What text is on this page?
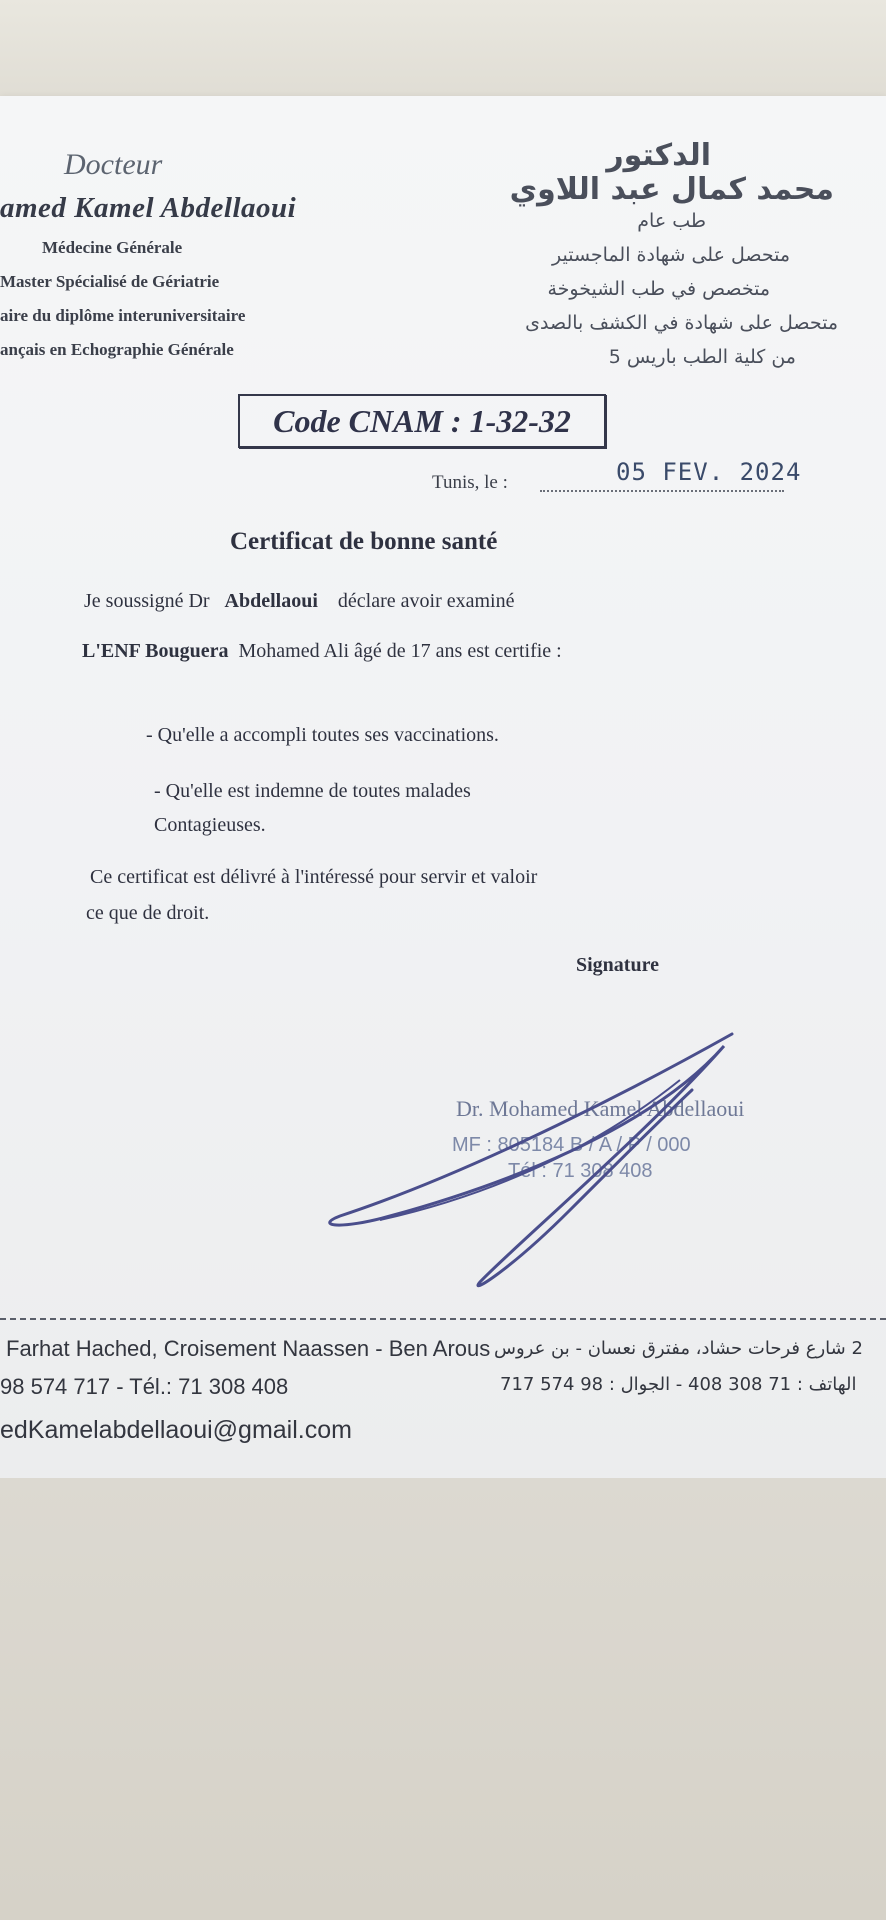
Docteur
amed Kamel Abdellaoui
Médecine Générale
Master Spécialisé de Gériatrie
aire du diplôme interuniversitaire
ançais en Echographie Générale
الدكتور
محمد كمال عبد اللاوي
طب عام
متحصل على شهادة الماجستير
متخصص في طب الشيخوخة
متحصل على شهادة في الكشف بالصدى
من كلية الطب باريس 5
Code CNAM : 1-32-32
Tunis, le :	05 FEV. 2024
Certificat de bonne santé
Je soussigné Dr Abdellaoui déclare avoir examiné
L'ENF Bouguera Mohamed Ali âgé de 17 ans est certifie :
- Qu'elle a accompli toutes ses vaccinations.
- Qu'elle est indemne de toutes malades
Contagieuses.
Ce certificat est délivré à l'intéressé pour servir et valoir
ce que de droit.
Signature
Dr. Mohamed Kamel Abdellaoui
MF : 805184 B / A / P / 000
Tél : 71 308 408
Farhat Hached, Croisement Naassen - Ben Arous 2 شارع فرحات حشاد، مفترق نعسان - بن عروس
98 574 717 - Tél.: 71 308 408	الهاتف : 71 308 408 - الجوال : 98 574 717
edKamelabdellaoui@gmail.com
